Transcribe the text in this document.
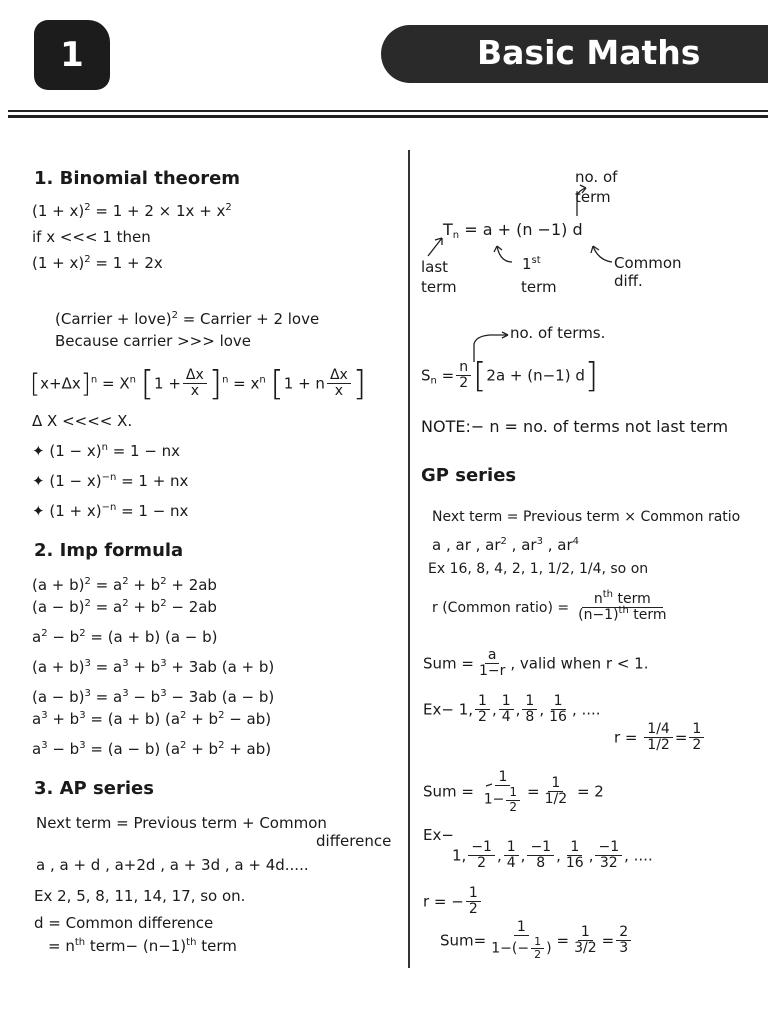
1	Basic Maths
1. Binomial theorem
$(1 + x)^2 = 1 + 2 \times 1x + x^2$
if x <<< 1 then
$(1 + x)^2 = 1 + 2x$
(Carrier + love)$^2$ = Carrier + 2 love
Because carrier >>> love
$[x+\Delta x]^n = X^n$ $[1 + \frac{\Delta x}{x} ]^n = x^n$ [1 + n $\frac{\Delta x}{x}$ ]
Δ X <<<< X.
✦ $(1 - x)^n = 1$ − nx
✦ $(1 - x)^{-n} = 1$ + nx
✦ $(1 + x)^{-n} = 1$ − nx
2. Imp formula
$(a + b)^2 = a^2 + b^2 + 2ab$
$(a - b)^2 = a^2 + b^2 - 2ab$
$a^2 - b^2 = (a + b) (a - b)$
$(a + b)^3 = a^3 + b^3 + 3ab$ (a + b)
$(a - b)^3 = a^3 - b^3 - 3ab$ (a − b)
$a^3 + b^3 = (a + b) (a^2 + b^2 - ab)$
$a^3 - b^3 = (a - b) (a^2 + b^2 + ab)$
3. AP series
Next term = Previous term + Common
difference
a , a + d , a+2d , a + 3d , a + 4d.....
Ex 2, 5, 8, 11, 14, 17, so on.
d = Common difference
= $n^{th}$ term− $(n-1)^{th}$ term
no. of
term
$T_n = a + (n -1)$ d
last
term
1st
term
Common
diff.
no. of terms.
$S_n = \frac{n}{2} [2a + (n-1)$ d]
NOTE:− n = no. of terms not last term
GP series
Next term = Previous term × Common ratio
a , ar , $ar^2$ , $ar^3$ , $ar^4$
Ex 16, 8, 4, 2, 1, 1/2, 1/4, so on
r (Common ratio) = $\frac{n^{th} term}{(n-1)^{th} term}$
Sum = $\frac{a}{1-r}$ , valid when r < 1.
Ex− 1, $\frac{1}{2}$ , $\frac{1}{4}$ , $\frac{1}{8}$ , $\frac{1}{16}$ , ....
$r = \frac{1/4}{1/2} = \frac{1}{2}$
Sum = $\frac{1}{1- \frac{1}{2}} = \frac{1}{1/2} = 2$
Ex−
1, $\frac{-1}{2}$ , $\frac{1}{4}$ , $\frac{-1}{8}$ , $\frac{1}{16}$ , $\frac{-1}{32}$ , ....
r = − $\frac{1}{2}$
$Sum= \frac{1}{1-(- \frac{1}{2} )} = \frac{1}{3/2} = \frac{2}{3}$
